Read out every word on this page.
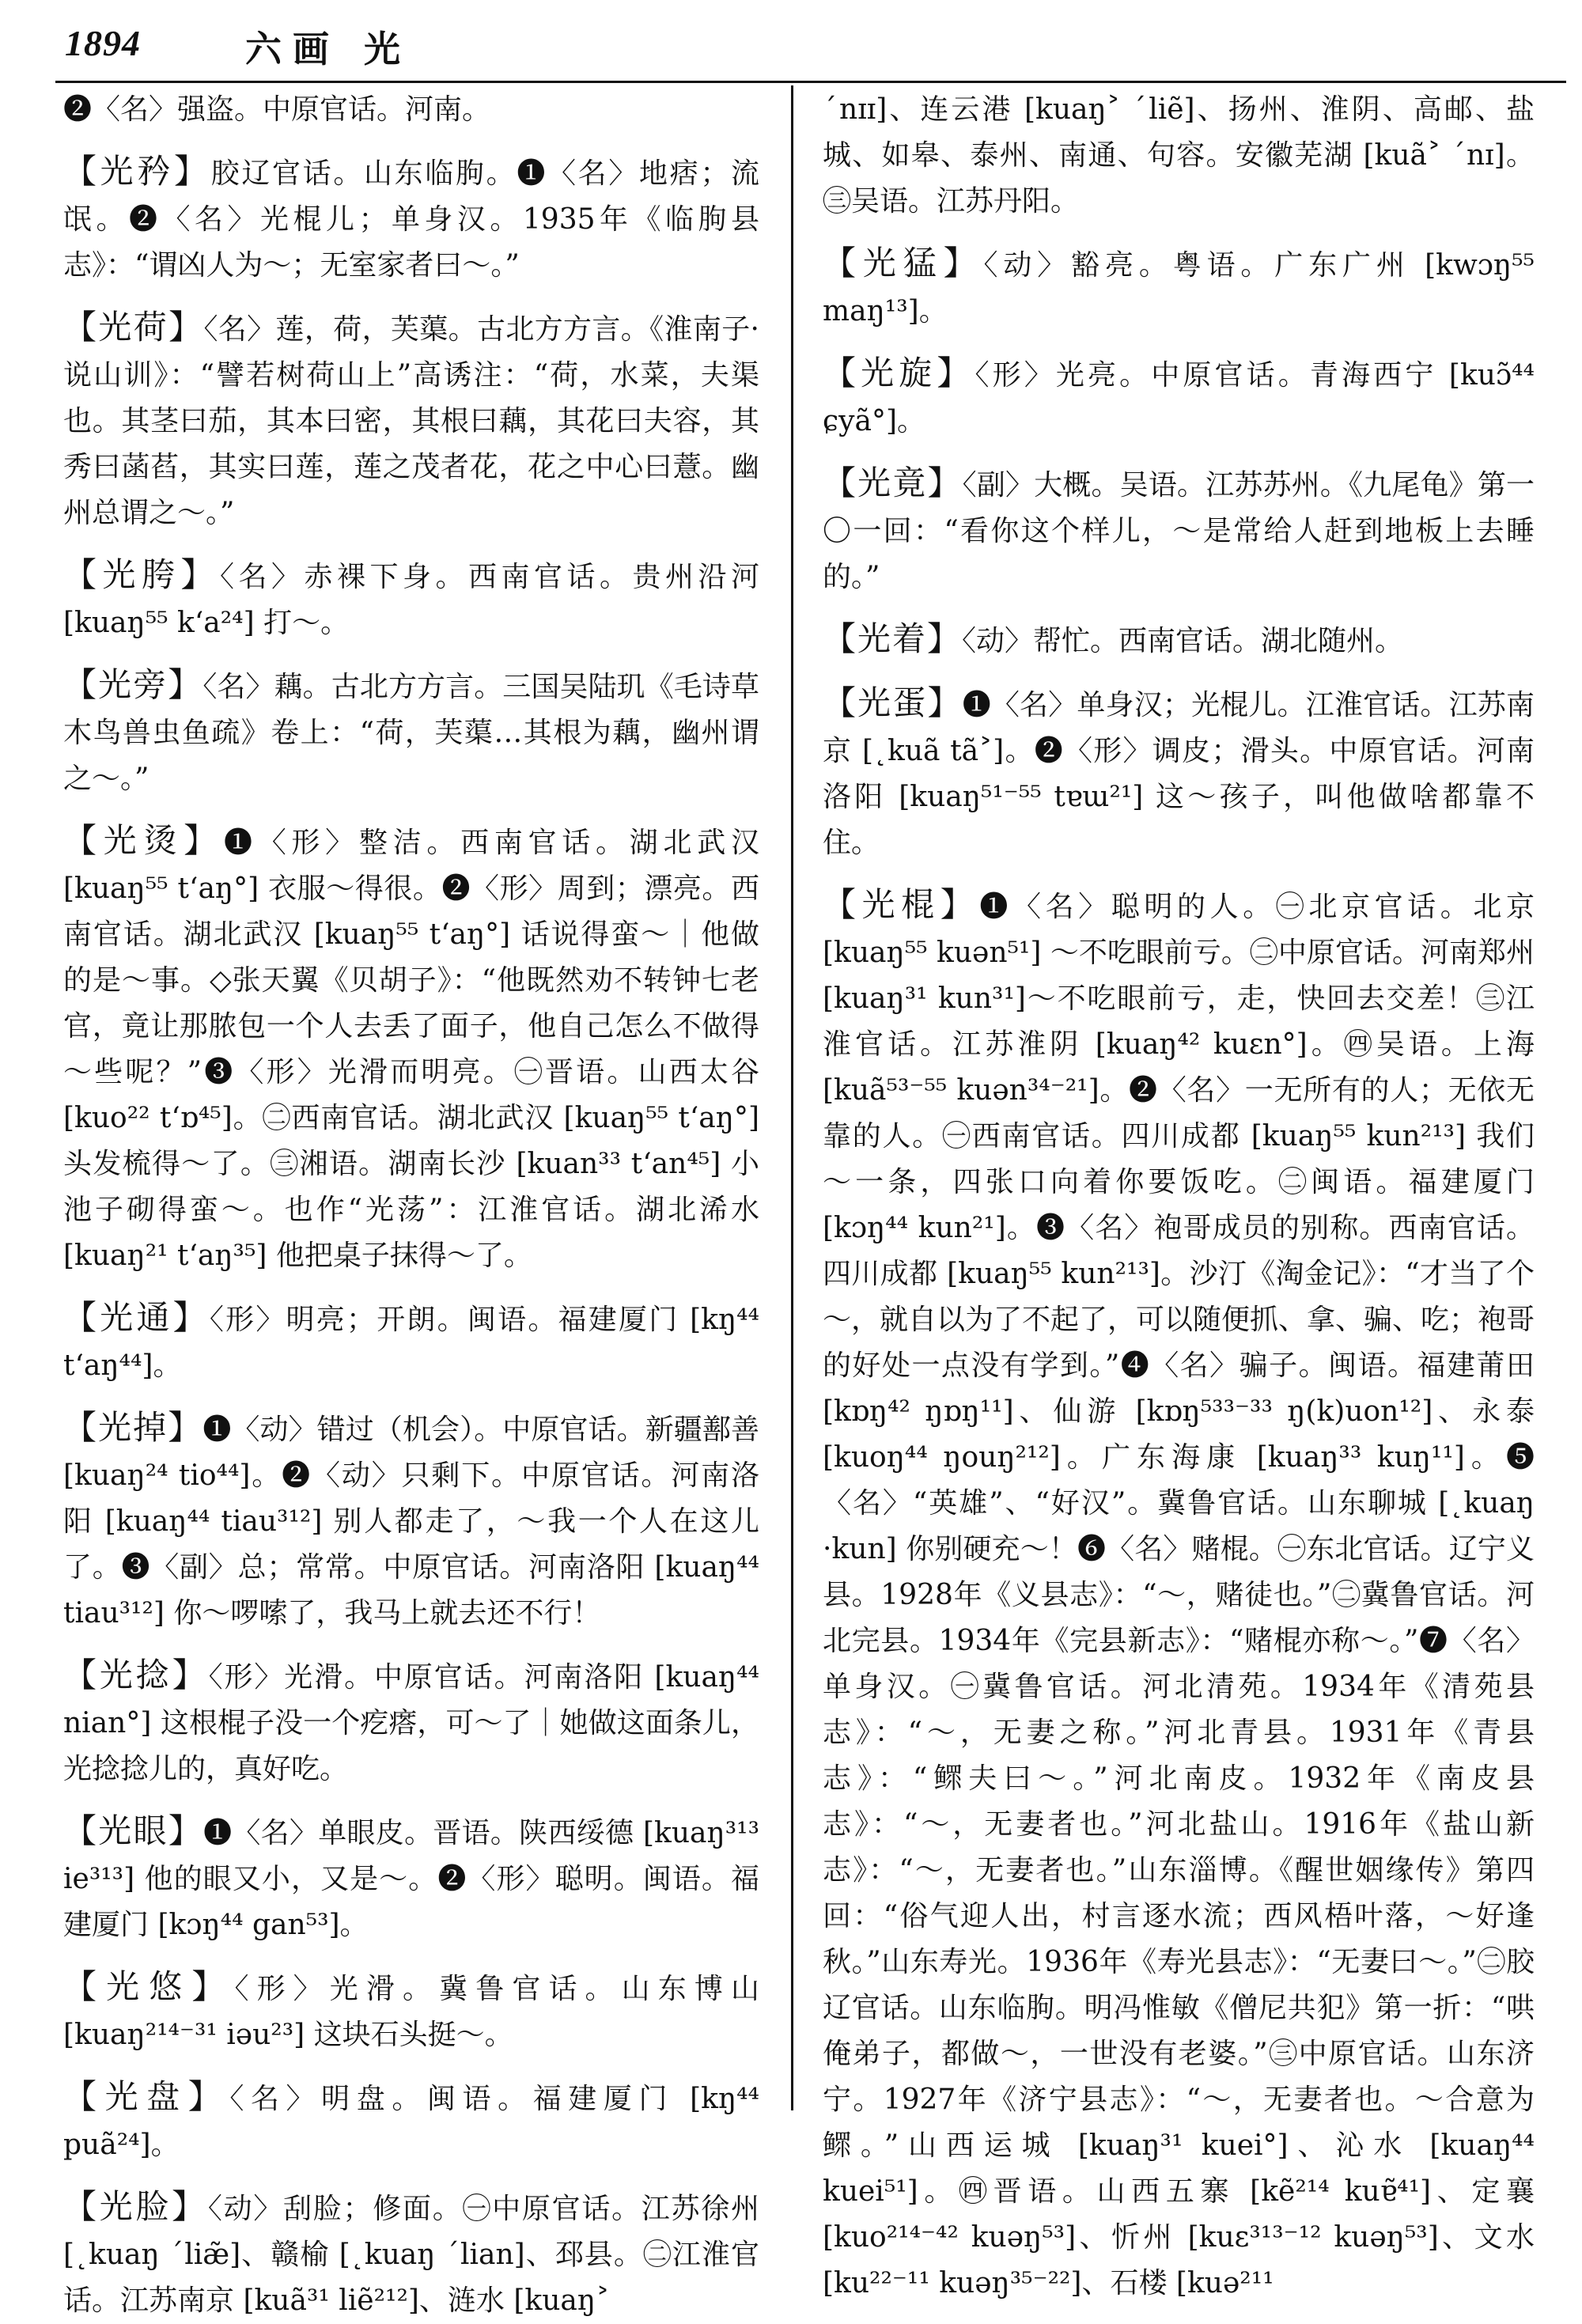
1894	六画 光
❷〈名〉强盗。中原官话。河南。
【光矜】胶辽官话。山东临朐。❶〈名〉地痞；流氓。❷〈名〉光棍儿；单身汉。1935年《临朐县志》：“谓凶人为～；无室家者曰～。”
【光荷】〈名〉莲，荷，芙蕖。古北方方言。《淮南子·说山训》：“譬若树荷山上”高诱注：“荷，水菜，夫渠也。其茎曰茄，其本曰密，其根曰藕，其花曰夫容，其秀曰菡萏，其实曰莲，莲之茂者花，花之中心曰薏。幽州总谓之～。”
【光胯】〈名〉赤裸下身。西南官话。贵州沿河 [kuaŋ⁵⁵ k‘a²⁴] 打～。
【光旁】〈名〉藕。古北方方言。三国吴陆玑《毛诗草木鸟兽虫鱼疏》卷上：“荷，芙蕖…其根为藕，幽州谓之～。”
【光烫】❶〈形〉整洁。西南官话。湖北武汉 [kuaŋ⁵⁵ t‘aŋ°] 衣服～得很。❷〈形〉周到；漂亮。西南官话。湖北武汉 [kuaŋ⁵⁵ t‘aŋ°] 话说得蛮～｜他做的是～事。◇张天翼《贝胡子》：“他既然劝不转钟七老官，竟让那脓包一个人去丢了面子，他自己怎么不做得～些呢？”❸〈形〉光滑而明亮。㊀晋语。山西太谷 [kuo²² t‘ɒ⁴⁵]。㊁西南官话。湖北武汉 [kuaŋ⁵⁵ t‘aŋ°] 头发梳得～了。㊂湘语。湖南长沙 [kuan³³ t‘an⁴⁵] 小池子砌得蛮～。也作“光荡”：江淮官话。湖北浠水 [kuaŋ²¹ t‘aŋ³⁵] 他把桌子抹得～了。
【光通】〈形〉明亮；开朗。闽语。福建厦门 [kŋ⁴⁴ t‘aŋ⁴⁴]。
【光掉】❶〈动〉错过（机会）。中原官话。新疆鄯善 [kuaŋ²⁴ tio⁴⁴]。❷〈动〉只剩下。中原官话。河南洛阳 [kuaŋ⁴⁴ tiau³¹²] 别人都走了，～我一个人在这儿了。❸〈副〉总；常常。中原官话。河南洛阳 [kuaŋ⁴⁴ tiau³¹²] 你～啰嗦了，我马上就去还不行！
【光捻】〈形〉光滑。中原官话。河南洛阳 [kuaŋ⁴⁴ nian°] 这根棍子没一个疙瘩，可～了｜她做这面条儿，光捻捻儿的，真好吃。
【光眼】❶〈名〉单眼皮。晋语。陕西绥德 [kuaŋ³¹³ ie³¹³] 他的眼又小，又是～。❷〈形〉聪明。闽语。福建厦门 [kɔŋ⁴⁴ gan⁵³]。
【光悠】〈形〉光滑。冀鲁官话。山东博山 [kuaŋ²¹⁴⁻³¹ iəu²³] 这块石头挺～。
【光盘】〈名〉明盘。闽语。福建厦门 [kŋ⁴⁴ puã²⁴]。
【光脸】〈动〉刮脸；修面。㊀中原官话。江苏徐州 [˛kuaŋ ˊliæ̃]、赣榆 [˛kuaŋ ˊlian]、邳县。㊁江淮官话。江苏南京 [kuã³¹ liẽ²¹²]、涟水 [kuaŋ˃
ˊnɪɪ]、连云港 [kuaŋ˃ ˊliẽ]、扬州、淮阴、高邮、盐城、如皋、泰州、南通、句容。安徽芜湖 [kuã˃ ˊnɪ]。㊂吴语。江苏丹阳。
【光猛】〈动〉豁亮。粤语。广东广州 [kwɔŋ⁵⁵ maŋ¹³]。
【光旋】〈形〉光亮。中原官话。青海西宁 [kuɔ̃⁴⁴ ɕyã°]。
【光竟】〈副〉大概。吴语。江苏苏州。《九尾龟》第一〇一回：“看你这个样儿，～是常给人赶到地板上去睡的。”
【光着】〈动〉帮忙。西南官话。湖北随州。
【光蛋】❶〈名〉单身汉；光棍儿。江淮官话。江苏南京 [˛kuã tã˃]。❷〈形〉调皮；滑头。中原官话。河南洛阳 [kuaŋ⁵¹⁻⁵⁵ tɐɯ²¹] 这～孩子，叫他做啥都靠不住。
【光棍】❶〈名〉聪明的人。㊀北京官话。北京 [kuaŋ⁵⁵ kuən⁵¹] ～不吃眼前亏。㊁中原官话。河南郑州 [kuaŋ³¹ kun³¹]～不吃眼前亏，走，快回去交差！㊂江淮官话。江苏淮阴 [kuaŋ⁴² kuɛn°]。㊃吴语。上海 [kuã⁵³⁻⁵⁵ kuən³⁴⁻²¹]。❷〈名〉一无所有的人；无依无靠的人。㊀西南官话。四川成都 [kuaŋ⁵⁵ kun²¹³] 我们～一条，四张口向着你要饭吃。㊁闽语。福建厦门 [kɔŋ⁴⁴ kun²¹]。❸〈名〉袍哥成员的别称。西南官话。四川成都 [kuaŋ⁵⁵ kun²¹³]。沙汀《淘金记》：“才当了个～，就自以为了不起了，可以随便抓、拿、骗、吃；袍哥的好处一点没有学到。”❹〈名〉骗子。闽语。福建莆田 [kɒŋ⁴² ŋɒŋ¹¹]、仙游 [kɒŋ⁵³³⁻³³ ŋ(k)uon¹²]、永泰 [kuoŋ⁴⁴ ŋouŋ²¹²]。广东海康 [kuaŋ³³ kuŋ¹¹]。❺〈名〉“英雄”、“好汉”。冀鲁官话。山东聊城 [˛kuaŋ ·kun] 你别硬充～！❻〈名〉赌棍。㊀东北官话。辽宁义县。1928年《义县志》：“～，赌徒也。”㊁冀鲁官话。河北完县。1934年《完县新志》：“赌棍亦称～。”❼〈名〉单身汉。㊀冀鲁官话。河北清苑。1934年《清苑县志》：“～，无妻之称。”河北青县。1931年《青县志》：“鳏夫曰～。”河北南皮。1932年《南皮县志》：“～，无妻者也。”河北盐山。1916年《盐山新志》：“～，无妻者也。”山东淄博。《醒世姻缘传》第四回：“俗气迎人出，村言逐水流；西风梧叶落，～好逢秋。”山东寿光。1936年《寿光县志》：“无妻曰～。”㊁胶辽官话。山东临朐。明冯惟敏《僧尼共犯》第一折：“哄俺弟子，都做～，一世没有老婆。”㊂中原官话。山东济宁。1927年《济宁县志》：“～，无妻者也。～合意为鳏。”山西运城 [kuaŋ³¹ kuei°]、沁水 [kuaŋ⁴⁴ kuei⁵¹]。㊃晋语。山西五寨 [kẽ²¹⁴ kuɐ̃⁴¹]、定襄 [kuo²¹⁴⁻⁴² kuəŋ⁵³]、忻州 [kuɛ³¹³⁻¹² kuəŋ⁵³]、文水 [ku²²⁻¹¹ kuəŋ³⁵⁻²²]、石楼 [kuə²¹¹
